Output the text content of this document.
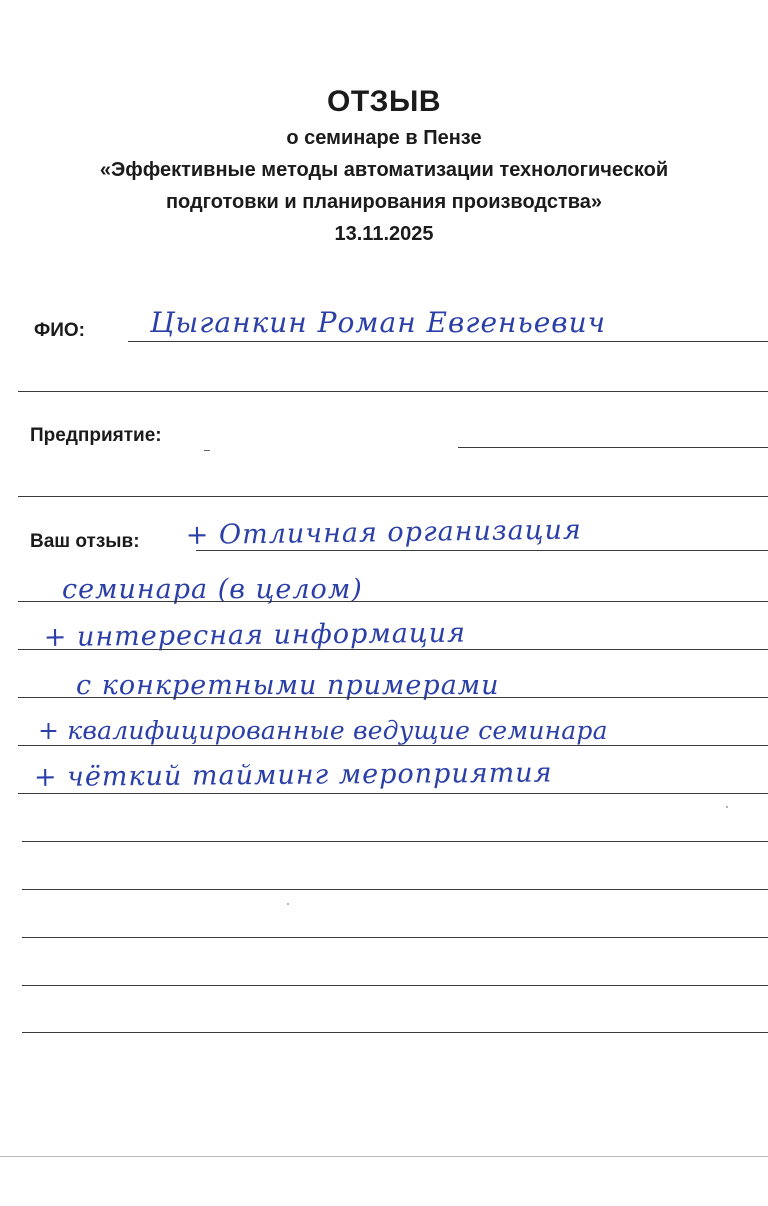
ОТЗЫВ
о семинаре в Пензе
«Эффективные методы автоматизации технологической
подготовки и планирования производства»
13.11.2025
ФИО: Цыганкин Роман Евгеньевич
Предприятие:
Ваш отзыв: + Отличная организация
семинара (в целом)
+ интересная информация
с конкретными примерами
+ квалифицированные ведущие семинара
+ чёткий тайминг мероприятия
